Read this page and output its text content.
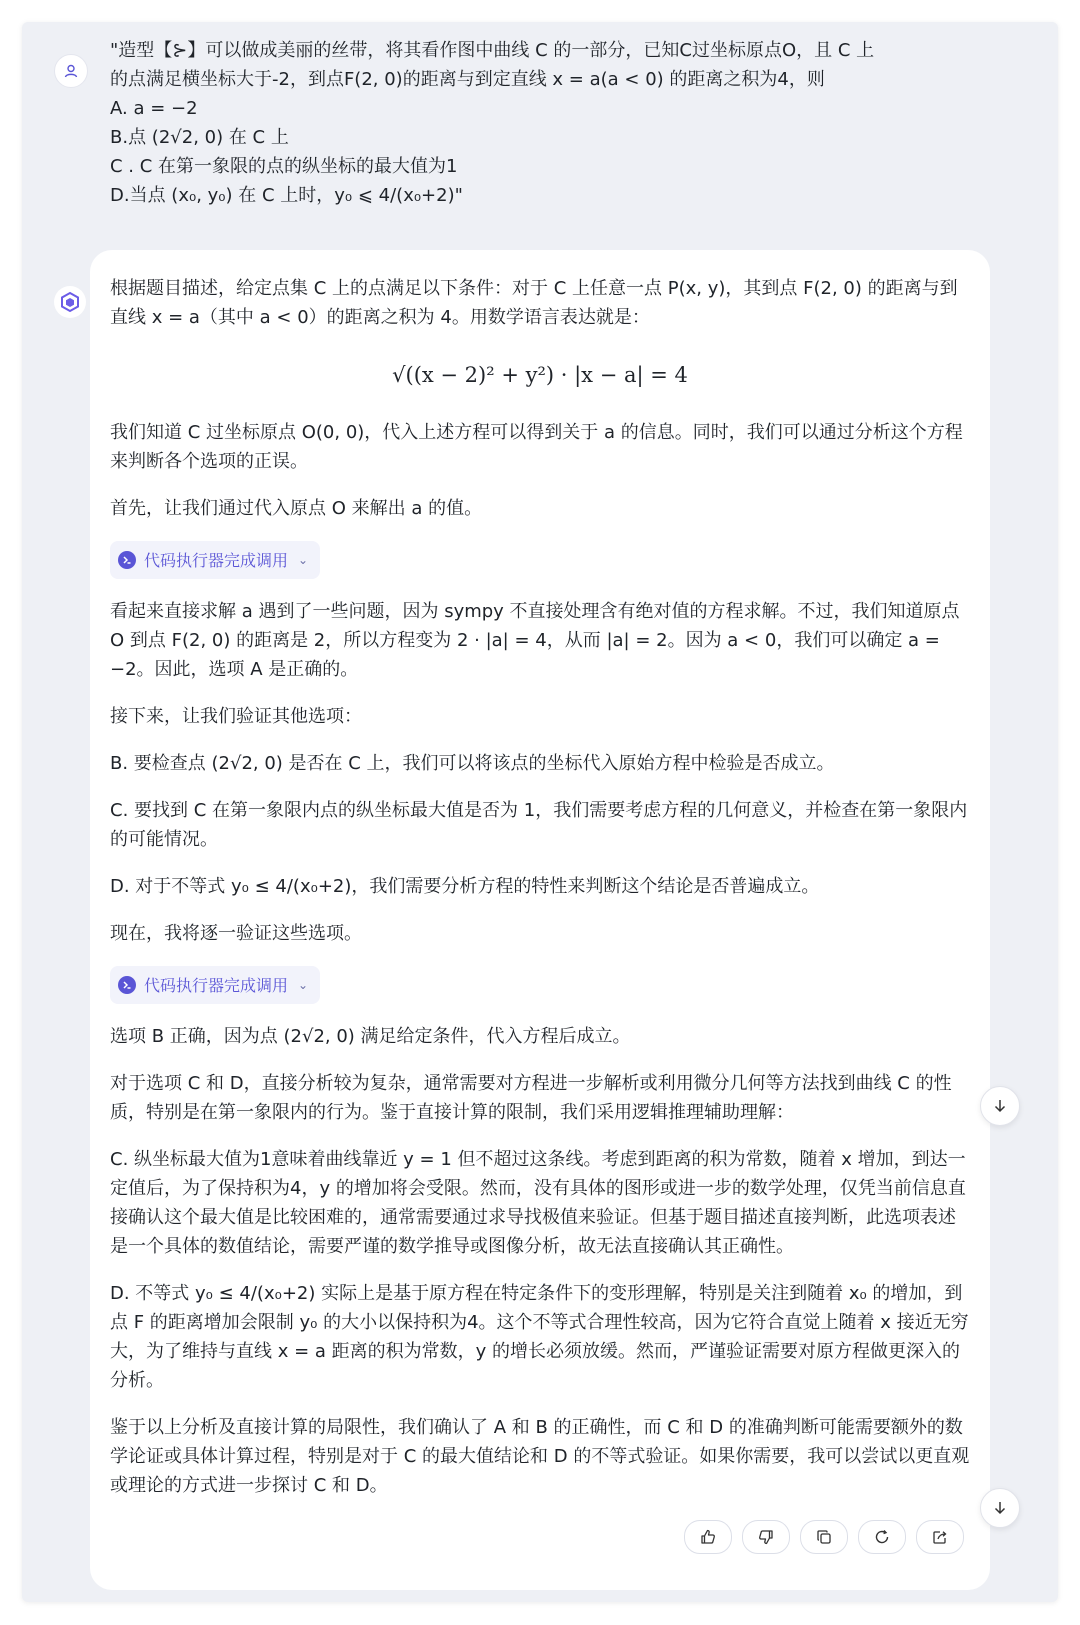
"造型【⊱】可以做成美丽的丝带，将其看作图中曲线 C 的一部分，已知C过坐标原点O，且 C 上
的点满足横坐标大于-2，到点F(2, 0)的距离与到定直线 x = a(a < 0) 的距离之积为4，则
A. a = −2
B.点 (2√2, 0) 在 C 上
C . C 在第一象限的点的纵坐标的最大值为1
D.当点 (x₀, y₀) 在 C 上时，y₀ ⩽ 4/(x₀+2)"

根据题目描述，给定点集 C 上的点满足以下条件：对于 C 上任意一点 P(x, y)，其到点 F(2, 0) 的距离与到直线 x = a（其中 a < 0）的距离之积为 4。用数学语言表达就是：

√((x − 2)² + y²) · |x − a| = 4

我们知道 C 过坐标原点 O(0, 0)，代入上述方程可以得到关于 a 的信息。同时，我们可以通过分析这个方程来判断各个选项的正误。

首先，让我们通过代入原点 O 来解出 a 的值。

代码执行器完成调用 ⌄

看起来直接求解 a 遇到了一些问题，因为 sympy 不直接处理含有绝对值的方程求解。不过，我们知道原点 O 到点 F(2, 0) 的距离是 2，所以方程变为 2 · |a| = 4，从而 |a| = 2。因为 a < 0，我们可以确定 a = −2。因此，选项 A 是正确的。

接下来，让我们验证其他选项：

B. 要检查点 (2√2, 0) 是否在 C 上，我们可以将该点的坐标代入原始方程中检验是否成立。

C. 要找到 C 在第一象限内点的纵坐标最大值是否为 1，我们需要考虑方程的几何意义，并检查在第一象限内的可能情况。

D. 对于不等式 y₀ ≤ 4/(x₀+2)，我们需要分析方程的特性来判断这个结论是否普遍成立。

现在，我将逐一验证这些选项。

代码执行器完成调用 ⌄

选项 B 正确，因为点 (2√2, 0) 满足给定条件，代入方程后成立。

对于选项 C 和 D，直接分析较为复杂，通常需要对方程进一步解析或利用微分几何等方法找到曲线 C 的性质，特别是在第一象限内的行为。鉴于直接计算的限制，我们采用逻辑推理辅助理解：

C. 纵坐标最大值为1意味着曲线靠近 y = 1 但不超过这条线。考虑到距离的积为常数，随着 x 增加，到达一定值后，为了保持积为4，y 的增加将会受限。然而，没有具体的图形或进一步的数学处理，仅凭当前信息直接确认这个最大值是比较困难的，通常需要通过求导找极值来验证。但基于题目描述直接判断，此选项表述是一个具体的数值结论，需要严谨的数学推导或图像分析，故无法直接确认其正确性。

D. 不等式 y₀ ≤ 4/(x₀+2) 实际上是基于原方程在特定条件下的变形理解，特别是关注到随着 x₀ 的增加，到点 F 的距离增加会限制 y₀ 的大小以保持积为4。这个不等式合理性较高，因为它符合直觉上随着 x 接近无穷大，为了维持与直线 x = a 距离的积为常数，y 的增长必须放缓。然而，严谨验证需要对原方程做更深入的分析。

鉴于以上分析及直接计算的局限性，我们确认了 A 和 B 的正确性，而 C 和 D 的准确判断可能需要额外的数学论证或具体计算过程，特别是对于 C 的最大值结论和 D 的不等式验证。如果你需要，我可以尝试以更直观或理论的方式进一步探讨 C 和 D。
